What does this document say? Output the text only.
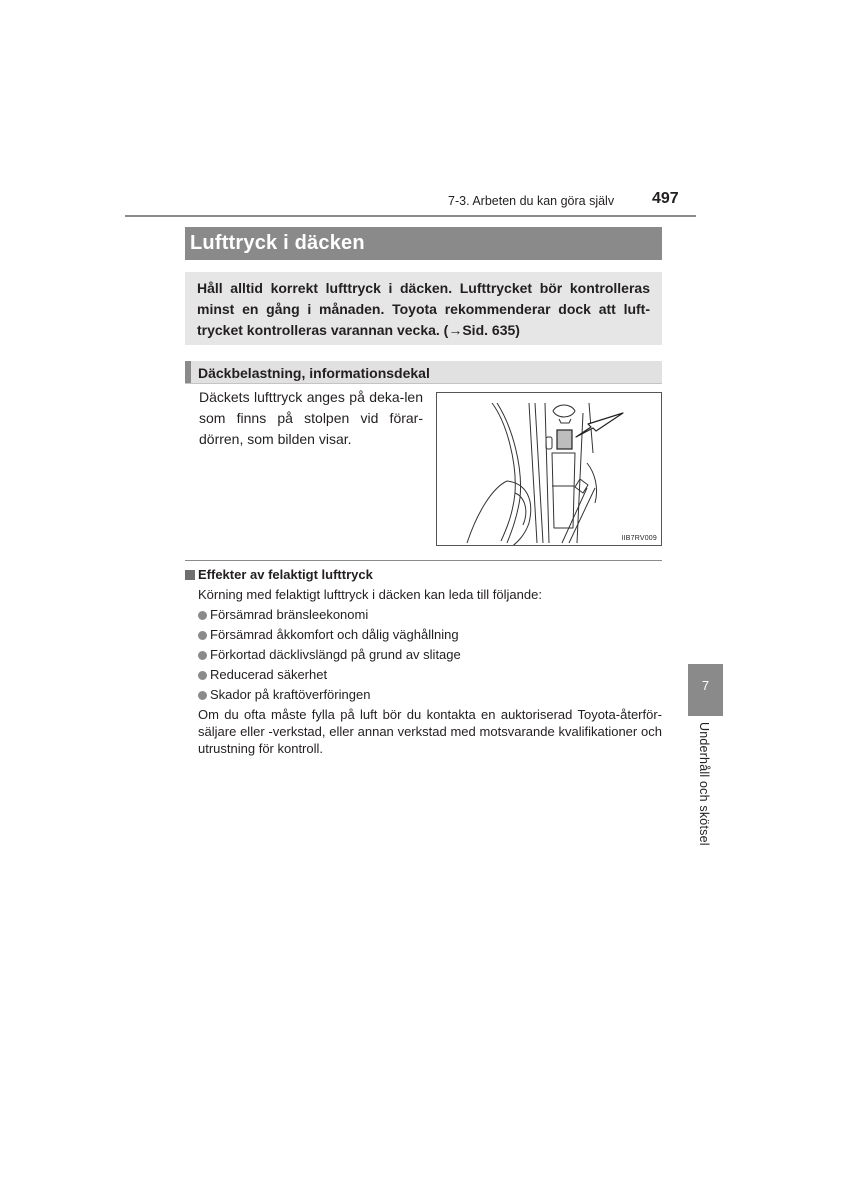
7-3. Arbeten du kan göra själv 497
Lufttryck i däcken
Håll alltid korrekt lufttryck i däcken. Lufttrycket bör kontrolleras minst en gång i månaden. Toyota rekommenderar dock att luft-trycket kontrolleras varannan vecka. (→Sid. 635)
Däckbelastning, informationsdekal
Däckets lufttryck anges på deka-len som finns på stolpen vid förar-dörren, som bilden visar.
IIB7RV009
Effekter av felaktigt lufttryck
Körning med felaktigt lufttryck i däcken kan leda till följande:
Försämrad bränsleekonomi
Försämrad åkkomfort och dålig väghållning
Förkortad däcklivslängd på grund av slitage
Reducerad säkerhet
Skador på kraftöverföringen
Om du ofta måste fylla på luft bör du kontakta en auktoriserad Toyota-återför-säljare eller -verkstad, eller annan verkstad med motsvarande kvalifikationer och utrustning för kontroll.
7
Underhåll och skötsel
